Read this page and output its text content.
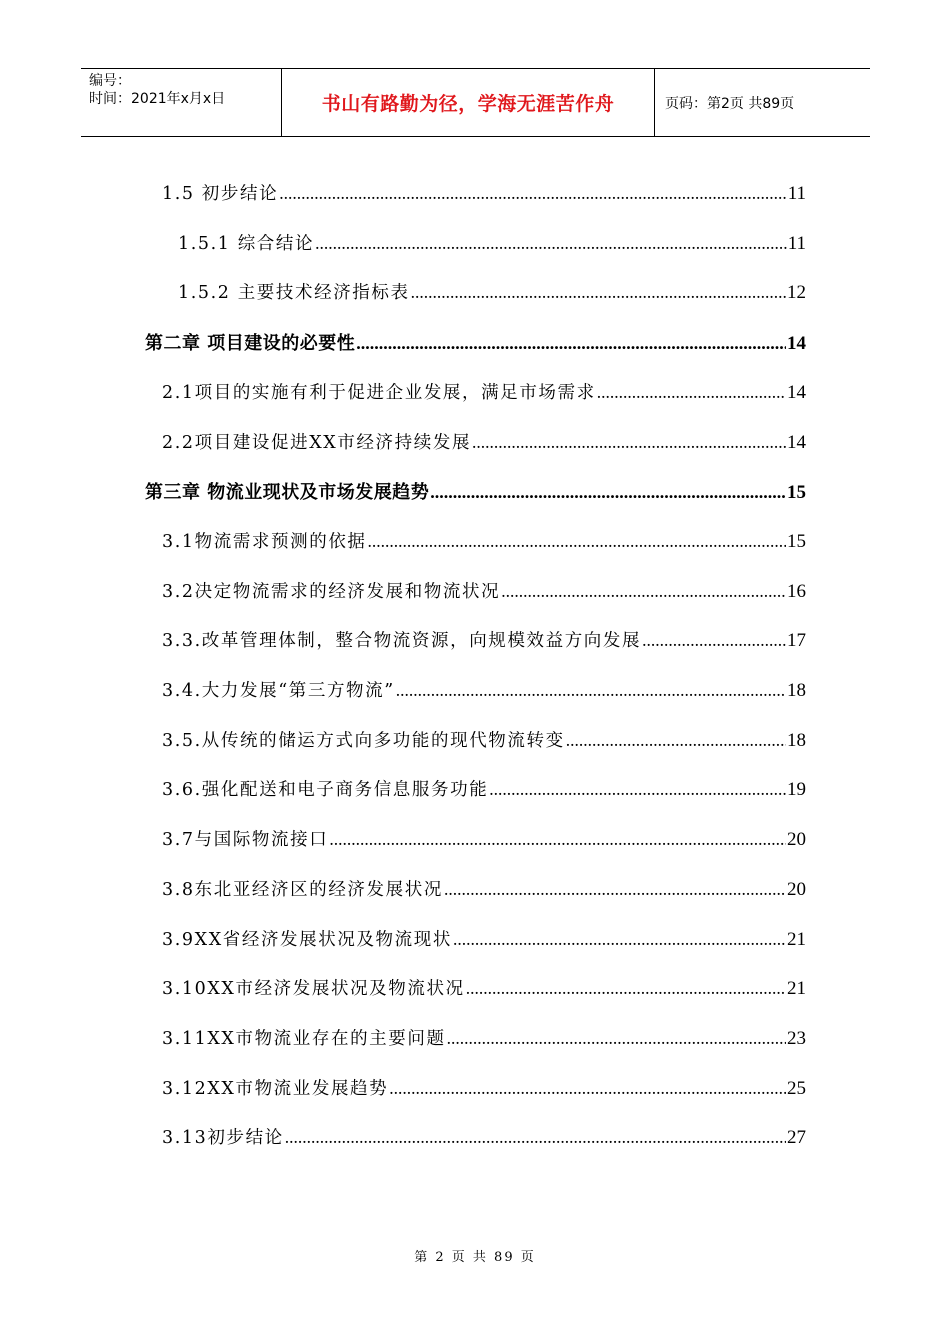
编号：
时间：2021年x月x日	书山有路勤为径，学海无涯苦作舟	页码：第2页 共89页
1.5 初步结论 .....	11
1.5.1 综合结论 .....	11
1.5.2 主要技术经济指标表 .....	12
第二章 项目建设的必要性 .....	14
2.1项目的实施有利于促进企业发展，满足市场需求 .....	14
2.2项目建设促进XX市经济持续发展 .....	14
第三章 物流业现状及市场发展趋势 .....	15
3.1物流需求预测的依据 .....	15
3.2决定物流需求的经济发展和物流状况 .....	16
3.3.改革管理体制，整合物流资源，向规模效益方向发展 .....	17
3.4.大力发展“第三方物流” .....	18
3.5.从传统的储运方式向多功能的现代物流转变 .....	18
3.6.强化配送和电子商务信息服务功能 .....	19
3.7与国际物流接口 .....	20
3.8东北亚经济区的经济发展状况 .....	20
3.9XX省经济发展状况及物流现状 .....	21
3.10XX市经济发展状况及物流状况 .....	21
3.11XX市物流业存在的主要问题 .....	23
3.12XX市物流业发展趋势 .....	25
3.13初步结论 .....	27
第 2 页 共 89 页
